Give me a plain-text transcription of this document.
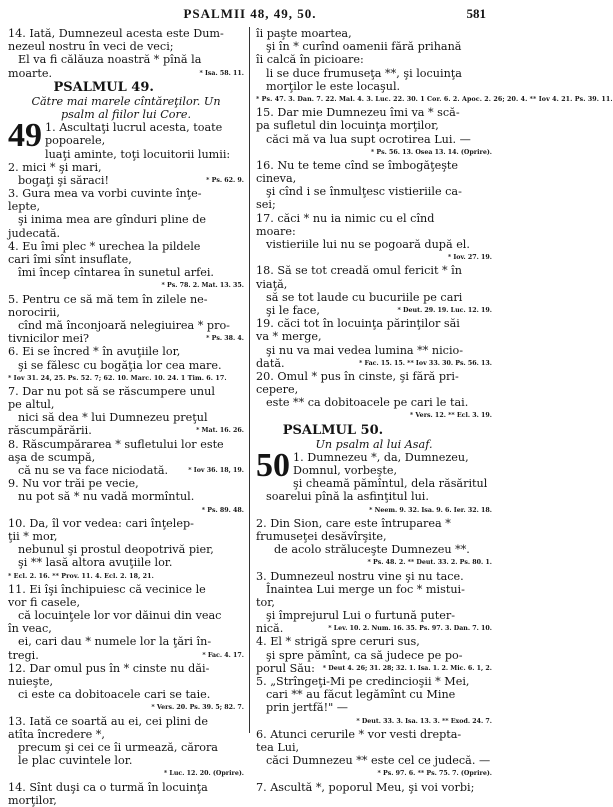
PSALMII 48, 49, 50.	581
14. Iată, Dumnezeul acesta este Dum-
nezeul nostru în veci de veci;
El va fi călăuza noastră * pînă la
* Isa. 58. 11.
moarte.
PSALMUL 49.
Către mai marele cîntăreţilor. Un
psalm al fiilor lui Core.
49 1. Ascultaţi lucrul acesta, toate
popoarele,
luaţi aminte, toţi locuitorii lumii:
2. mici * şi mari,
* Ps. 62. 9.
bogaţi şi săraci!
3. Gura mea va vorbi cuvinte înţe-
lepte,
şi inima mea are gînduri pline de
judecată.
4. Eu îmi plec * urechea la pildele
cari îmi sînt insuflate,
îmi încep cîntarea în sunetul arfei.
* Ps. 78. 2. Mat. 13. 35.
5. Pentru ce să mă tem în zilele ne-
norocirii,
cînd mă înconjoară nelegiuirea * pro-
* Ps. 38. 4.
tivnicilor mei?
6. Ei se încred * în avuţiile lor,
şi se fălesc cu bogăţia lor cea mare.
* Iov 31. 24, 25. Ps. 52. 7; 62. 10. Marc. 10. 24. 1 Tim. 6. 17.
7. Dar nu pot să se răscumpere unul
pe altul,
nici să dea * lui Dumnezeu preţul
* Mat. 16. 26.
răscumpărării.
8. Răscumpărarea * sufletului lor este
aşa de scumpă,
* Iov 36. 18, 19.
că nu se va face niciodată.
9. Nu vor trăi pe vecie,
nu pot să * nu vadă mormîntul.
* Ps. 89. 48.
10. Da, îl vor vedea: cari înţelep-
ţii * mor,
nebunul şi prostul deopotrivă pier,
şi ** lasă altora avuţiile lor.
* Ecl. 2. 16. ** Prov. 11. 4. Ecl. 2. 18, 21.
11. Ei îşi închipuiesc că vecinice le
vor fi casele,
că locuinţele lor vor dăinui din veac
în veac,
ei, cari dau * numele lor la ţări în-
* Fac. 4. 17.
tregi.
12. Dar omul pus în * cinste nu dăi-
nuieşte,
ci este ca dobitoacele cari se taie.
* Vers. 20. Ps. 39. 5; 82. 7.
13. Iată ce soartă au ei, cei plini de
atîta încredere *,
precum şi cei ce îi urmează, cărora
le plac cuvintele lor.
* Luc. 12. 20. (Oprire).
14. Sînt duşi ca o turmă în locuinţa
morţilor,
îi paşte moartea,
şi în * curînd oamenii fără prihană
îi calcă în picioare:
li se duce frumuseţa **, şi locuinţa
morţilor le este locaşul.
* Ps. 47. 3. Dan. 7. 22. Mal. 4. 3. Luc. 22. 30. 1 Cor. 6. 2. Apoc. 2. 26; 20. 4. ** Iov 4. 21. Ps. 39. 11.
15. Dar mie Dumnezeu îmi va * scă-
pa sufletul din locuinţa morţilor,
căci mă va lua supt ocrotirea Lui. —
* Ps. 56. 13. Osea 13. 14. (Oprire).
16. Nu te teme cînd se îmbogăţeşte
cineva,
şi cînd i se înmulţesc vistieriile ca-
sei;
17. căci * nu ia nimic cu el cînd
moare:
vistieriile lui nu se pogoară după el.
* Iov. 27. 19.
18. Să se tot creadă omul fericit * în
viaţă,
să se tot laude cu bucuriile pe cari
* Deut. 29. 19. Luc. 12. 19.
şi le face,
19. căci tot în locuinţa părinţilor săi
va * merge,
şi nu va mai vedea lumina ** nicio-
* Fac. 15. 15. ** Iov 33. 30. Ps. 56. 13.
dată.
20. Omul * pus în cinste, şi fără pri-
cepere,
este ** ca dobitoacele pe cari le tai.
* Vers. 12. ** Ecl. 3. 19.
PSALMUL 50.
Un psalm al lui Asaf.
50 1. Dumnezeu *, da, Dumnezeu,
Domnul, vorbeşte,
şi cheamă pămîntul, dela răsăritul
soarelui pînă la asfinţitul lui.
* Neem. 9. 32. Isa. 9. 6. Ier. 32. 18.
2. Din Sion, care este întruparea *
frumuseţei desăvîrşite,
de acolo străluceşte Dumnezeu **.
* Ps. 48. 2. ** Deut. 33. 2. Ps. 80. 1.
3. Dumnezeul nostru vine şi nu tace.
Înaintea Lui merge un foc * mistui-
tor,
şi împrejurul Lui o furtună puter-
* Lev. 10. 2. Num. 16. 35. Ps. 97. 3. Dan. 7. 10.
nică.
4. El * strigă spre ceruri sus,
şi spre pămînt, ca să judece pe po-
* Deut 4. 26; 31. 28; 32. 1. Isa. 1. 2. Mic. 6. 1, 2.
porul Său:
5. „Strîngeţi-Mi pe credincioşii * Mei,
cari ** au făcut legămînt cu Mine
prin jertfă!" —
* Deut. 33. 3. Isa. 13. 3. ** Exod. 24. 7.
6. Atunci cerurile * vor vesti drepta-
tea Lui,
căci Dumnezeu ** este cel ce judecă. —
* Ps. 97. 6. ** Ps. 75. 7. (Oprire).
7. Ascultă *, poporul Meu, şi voi vorbi;
